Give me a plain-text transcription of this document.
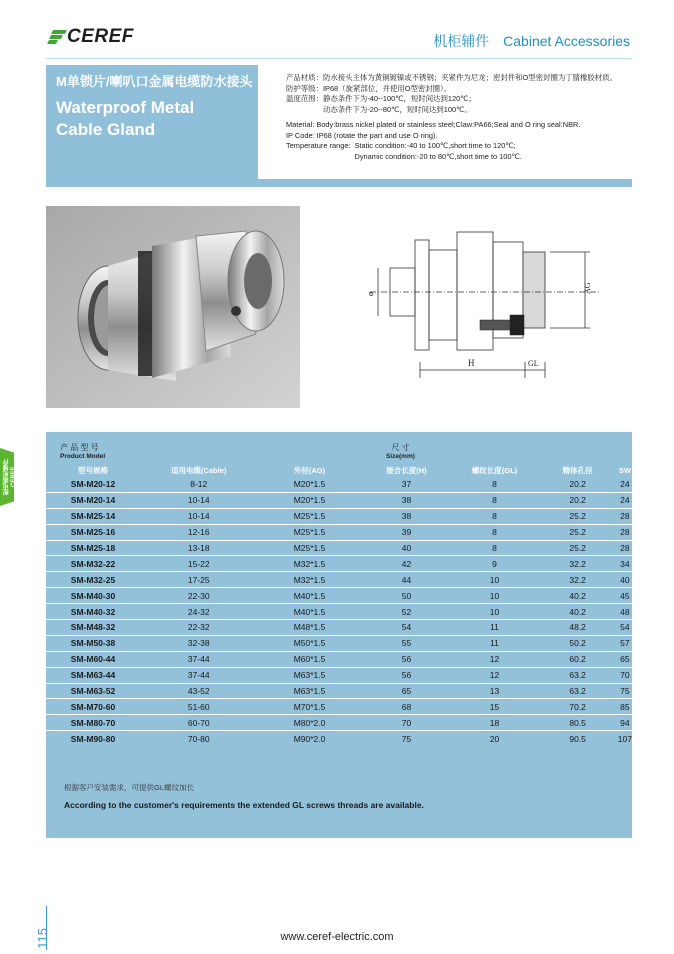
CEREF	机柜辅件 Cabinet Accessories
M单锁片/喇叭口金属电缆防水接头
Waterproof Metal
Cable Gland
产品材质： 防水接头主体为黄铜镀镍或不锈钢；夹紧件为尼龙；密封件和O型密封圈为丁腈橡胶材质。
防护等级： IP68（旋紧部位，并使用O型密封圈）。
温度范围： 静态条件下为-40--100℃，短时间达到120℃；
动态条件下为-20--80℃，短时间达到100℃。
Material: Body:brass nickel plated or stainless steel;Claw:PA66;Seal and O ring seal:NBR.
IP Code: IP68 (rotate the part and use O ring).
Temperature range: Static condition:-40 to 100℃,short time to 120℃;
Dynamic condition:-20 to 80℃,short time to 100℃.
H	GL
AG
ø
配电箱柜辅件 CEREF
产 品 型 号
Product Model
尺 寸
Size(mm)
型号规格	适用电缆(Cable)	外径(AG)	接合长度(H)	螺纹长度(GL)	精体孔径	SW
SM-M20-12	8-12	M20*1.5	37	8	20.2	24
SM-M20-14	10-14	M20*1.5	38	8	20.2	24
SM-M25-14	10-14	M25*1.5	38	8	25.2	28
SM-M25-16	12-16	M25*1.5	39	8	25.2	28
SM-M25-18	13-18	M25*1.5	40	8	25.2	28
SM-M32-22	15-22	M32*1.5	42	9	32.2	34
SM-M32-25	17-25	M32*1.5	44	10	32.2	40
SM-M40-30	22-30	M40*1.5	50	10	40.2	45
SM-M40-32	24-32	M40*1.5	52	10	40.2	48
SM-M48-32	22-32	M48*1.5	54	11	48.2	54
SM-M50-38	32-38	M50*1.5	55	11	50.2	57
SM-M60-44	37-44	M60*1.5	56	12	60.2	65
SM-M63-44	37-44	M63*1.5	56	12	63.2	70
SM-M63-52	43-52	M63*1.5	65	13	63.2	75
SM-M70-60	51-60	M70*1.5	68	15	70.2	85
SM-M80-70	60-70	M80*2.0	70	18	80.5	94
SM-M90-80	70-80	M90*2.0	75	20	90.5	107
根据客户安装需求，可提供GL螺纹加长
According to the customer's requirements the extended GL screws threads are available.
115	www.ceref-electric.com
